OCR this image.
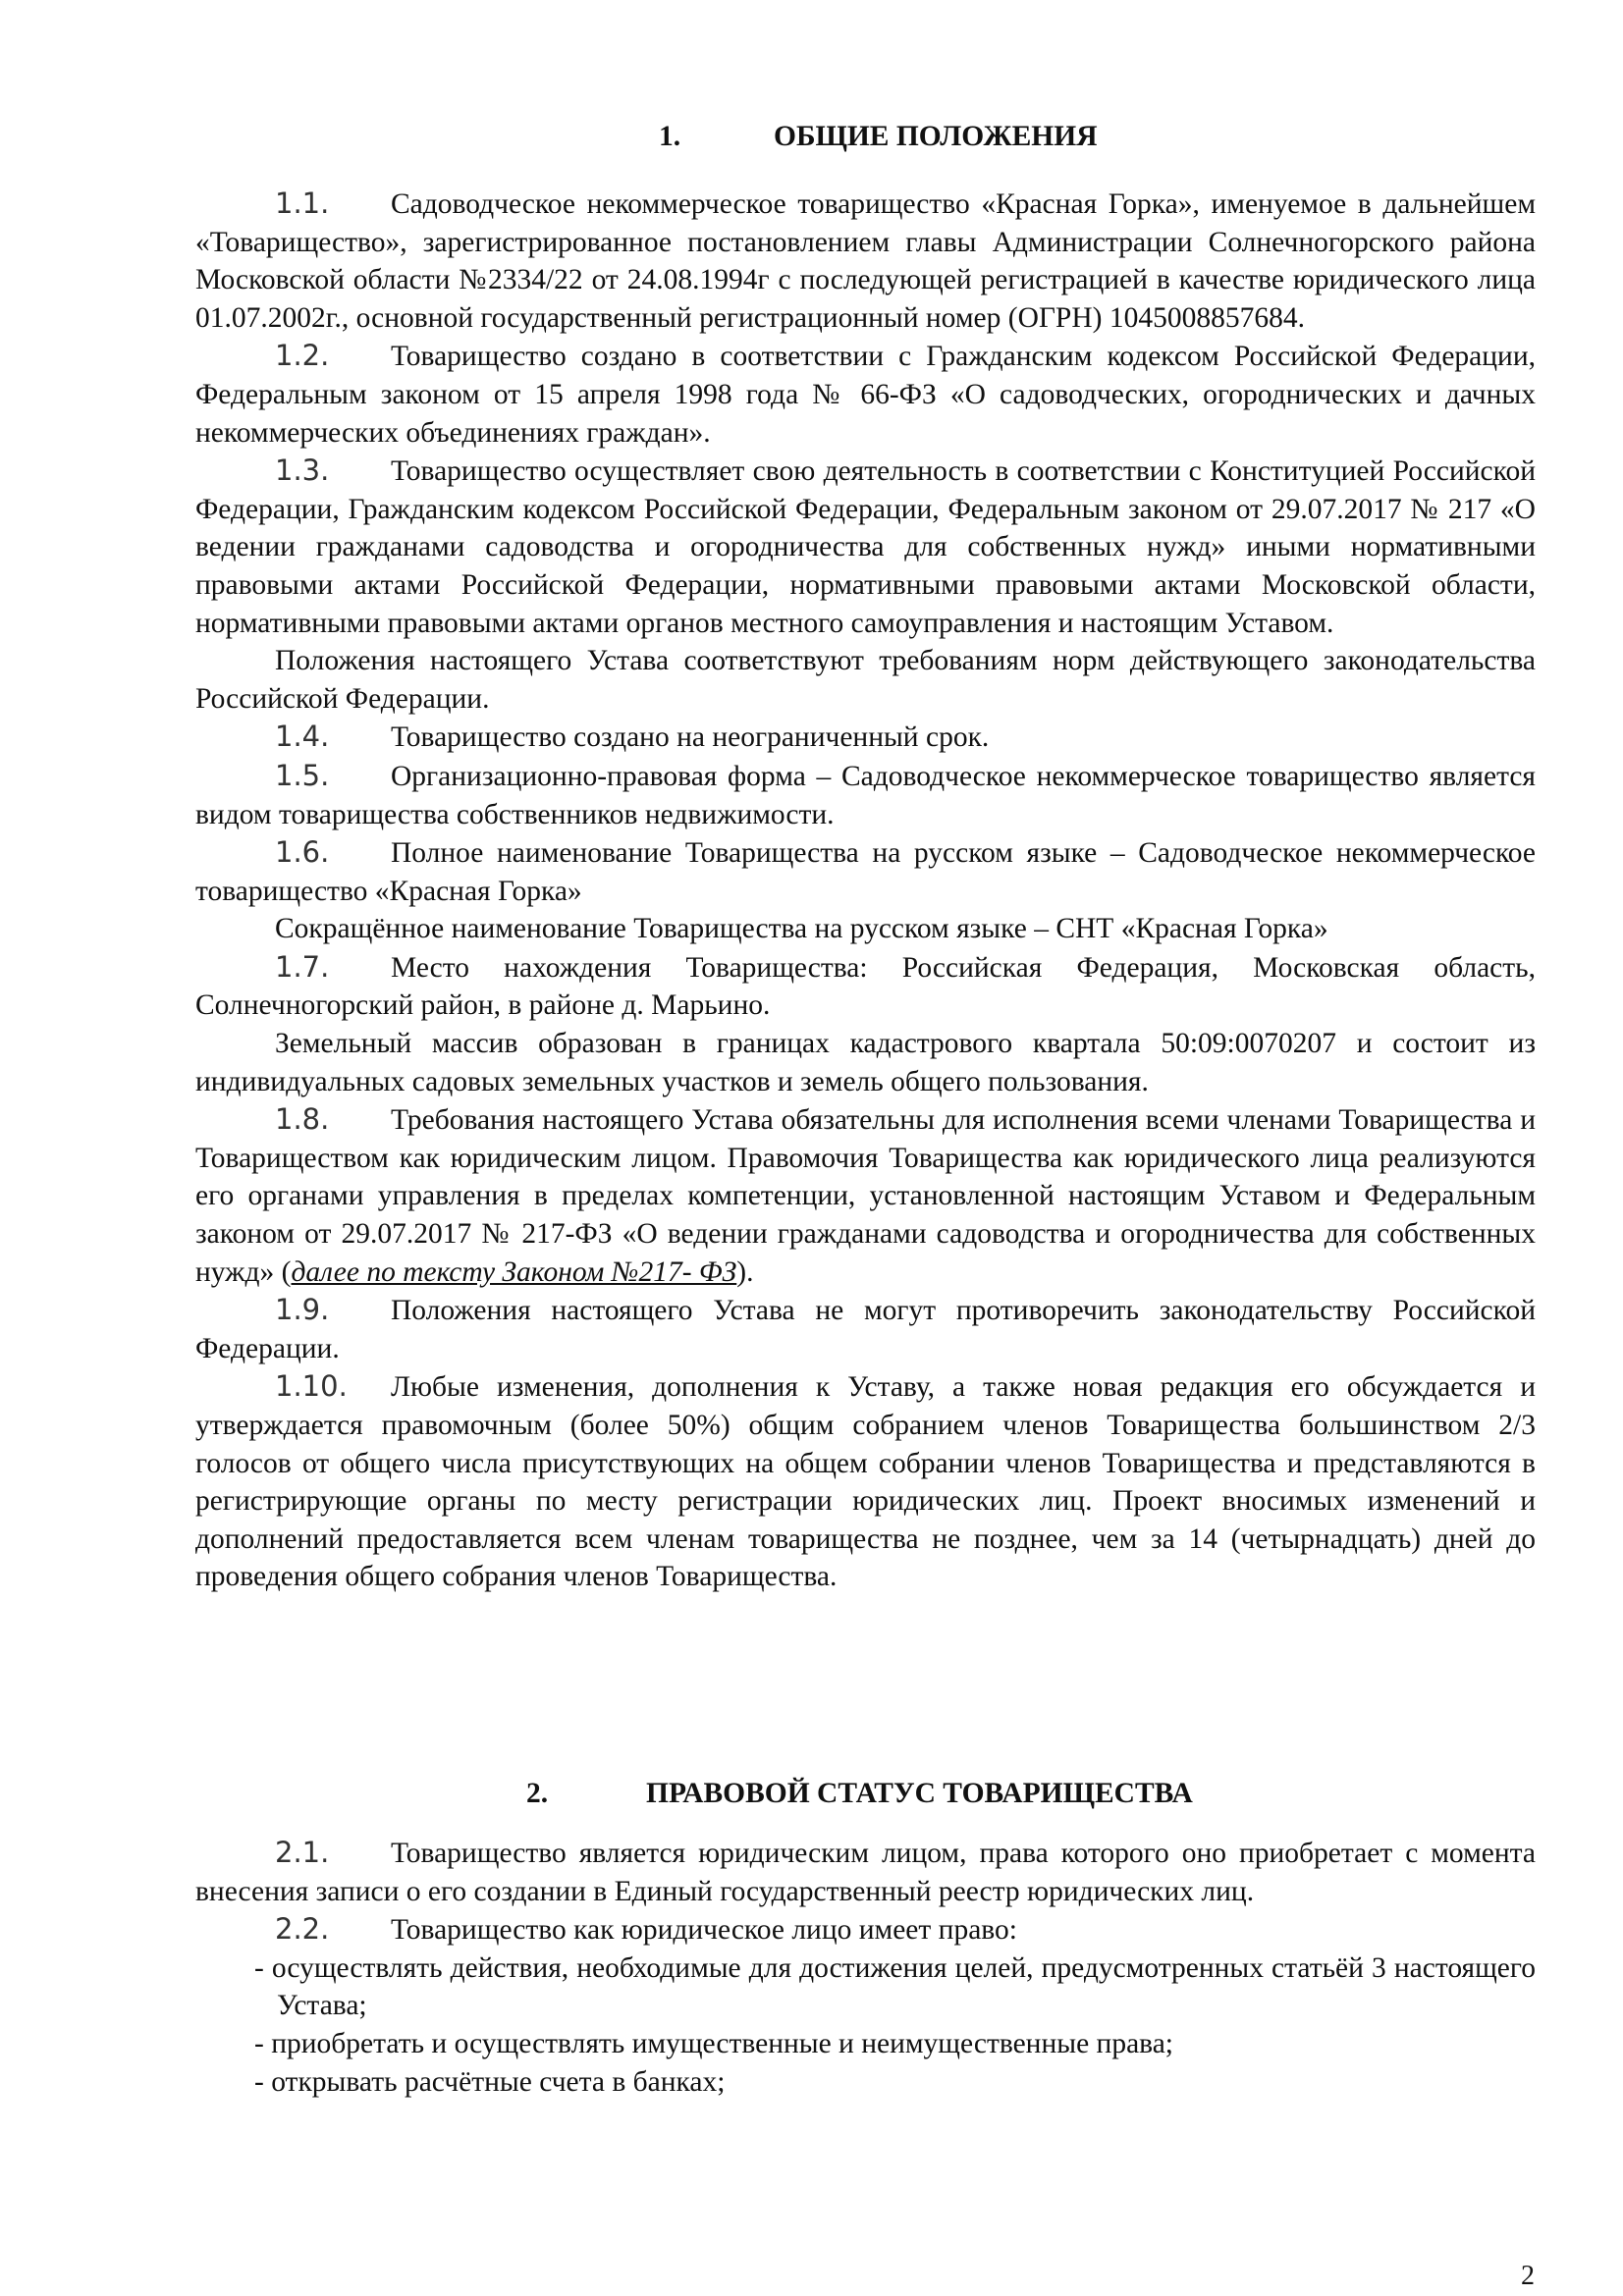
1.	ОБЩИЕ ПОЛОЖЕНИЯ

1.1. Садоводческое некоммерческое товарищество «Красная Горка», именуемое в дальнейшем «Товарищество», зарегистрированное постановлением главы Администрации Солнечногорского района Московской области №2334/22 от 24.08.1994г с последующей регистрацией в качестве юридического лица 01.07.2002г., основной государственный регистрационный номер (ОГРН) 1045008857684.

1.2. Товарищество создано в соответствии с Гражданским кодексом Российской Федерации, Федеральным законом от 15 апреля 1998 года № 66-ФЗ «О садоводческих, огороднических и дачных некоммерческих объединениях граждан».

1.3. Товарищество осуществляет свою деятельность в соответствии с Конституцией Российской Федерации, Гражданским кодексом Российской Федерации, Федеральным законом от 29.07.2017 № 217 «О ведении гражданами садоводства и огородничества для собственных нужд» иными нормативными правовыми актами Российской Федерации, нормативными правовыми актами Московской области, нормативными правовыми актами органов местного самоуправления и настоящим Уставом.

Положения настоящего Устава соответствуют требованиям норм действующего законодательства Российской Федерации.

1.4. Товарищество создано на неограниченный срок.

1.5. Организационно-правовая форма – Садоводческое некоммерческое товарищество является видом товарищества собственников недвижимости.

1.6. Полное наименование Товарищества на русском языке – Садоводческое некоммерческое товарищество «Красная Горка»

Сокращённое наименование Товарищества на русском языке – СНТ «Красная Горка»

1.7. Место нахождения Товарищества: Российская Федерация, Московская область, Солнечногорский район, в районе д. Марьино.

Земельный массив образован в границах кадастрового квартала 50:09:0070207 и состоит из индивидуальных садовых земельных участков и земель общего пользования.

1.8. Требования настоящего Устава обязательны для исполнения всеми членами Товарищества и Товариществом как юридическим лицом. Правомочия Товарищества как юридического лица реализуются его органами управления в пределах компетенции, установленной настоящим Уставом и Федеральным законом от 29.07.2017 № 217-ФЗ «О ведении гражданами садоводства и огородничества для собственных нужд» (далее по тексту Законом №217- ФЗ).

1.9. Положения настоящего Устава не могут противоречить законодательству Российской Федерации.

1.10. Любые изменения, дополнения к Уставу, а также новая редакция его обсуждается и утверждается правомочным (более 50%) общим собранием членов Товарищества большинством 2/3 голосов от общего числа присутствующих на общем собрании членов Товарищества и представляются в регистрирующие органы по месту регистрации юридических лиц. Проект вносимых изменений и дополнений предоставляется всем членам товарищества не позднее, чем за 14 (четырнадцать) дней до проведения общего собрания членов Товарищества.

2.	ПРАВОВОЙ СТАТУС ТОВАРИЩЕСТВА

2.1. Товарищество является юридическим лицом, права которого оно приобретает с момента внесения записи о его создании в Единый государственный реестр юридических лиц.

2.2. Товарищество как юридическое лицо имеет право:

- осуществлять действия, необходимые для достижения целей, предусмотренных статьёй 3 настоящего Устава;

- приобретать и осуществлять имущественные и неимущественные права;

- открывать расчётные счета в банках;

2
